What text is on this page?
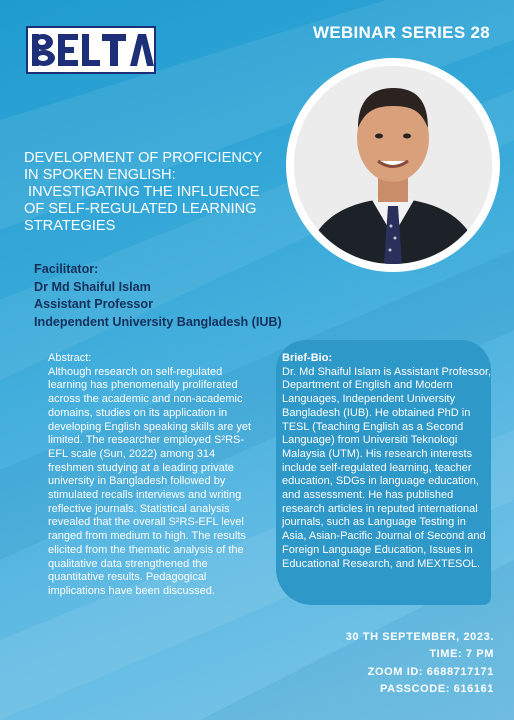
WEBINAR SERIES 28
DEVELOPMENT OF PROFICIENCY
IN SPOKEN ENGLISH:
INVESTIGATING THE INFLUENCE
OF SELF-REGULATED LEARNING
STRATEGIES
Facilitator:
Dr Md Shaiful Islam
Assistant Professor
Independent University Bangladesh (IUB)
Abstract:
Although research on self-regulated learning has phenomenally proliferated across the academic and non-academic domains, studies on its application in developing English speaking skills are yet limited. The researcher employed S²RS-EFL scale (Sun, 2022) among 314 freshmen studying at a leading private university in Bangladesh followed by stimulated recalls interviews and writing reflective journals. Statistical analysis revealed that the overall S²RS-EFL level ranged from medium to high. The results elicited from the thematic analysis of the qualitative data strengthened the quantitative results. Pedagogical implications have been discussed.
Brief-Bio:
Dr. Md Shaiful Islam is Assistant Professor, Department of English and Modern Languages, Independent University Bangladesh (IUB). He obtained PhD in TESL (Teaching English as a Second Language) from Universiti Teknologi Malaysia (UTM). His research interests include self-regulated learning, teacher education, SDGs in language education, and assessment. He has published research articles in reputed international journals, such as Language Testing in Asia, Asian-Pacific Journal of Second and Foreign Language Education, Issues in Educational Research, and MEXTESOL.
30 TH SEPTEMBER, 2023.
TIME: 7 PM
ZOOM ID: 6688717171
PASSCODE: 616161
